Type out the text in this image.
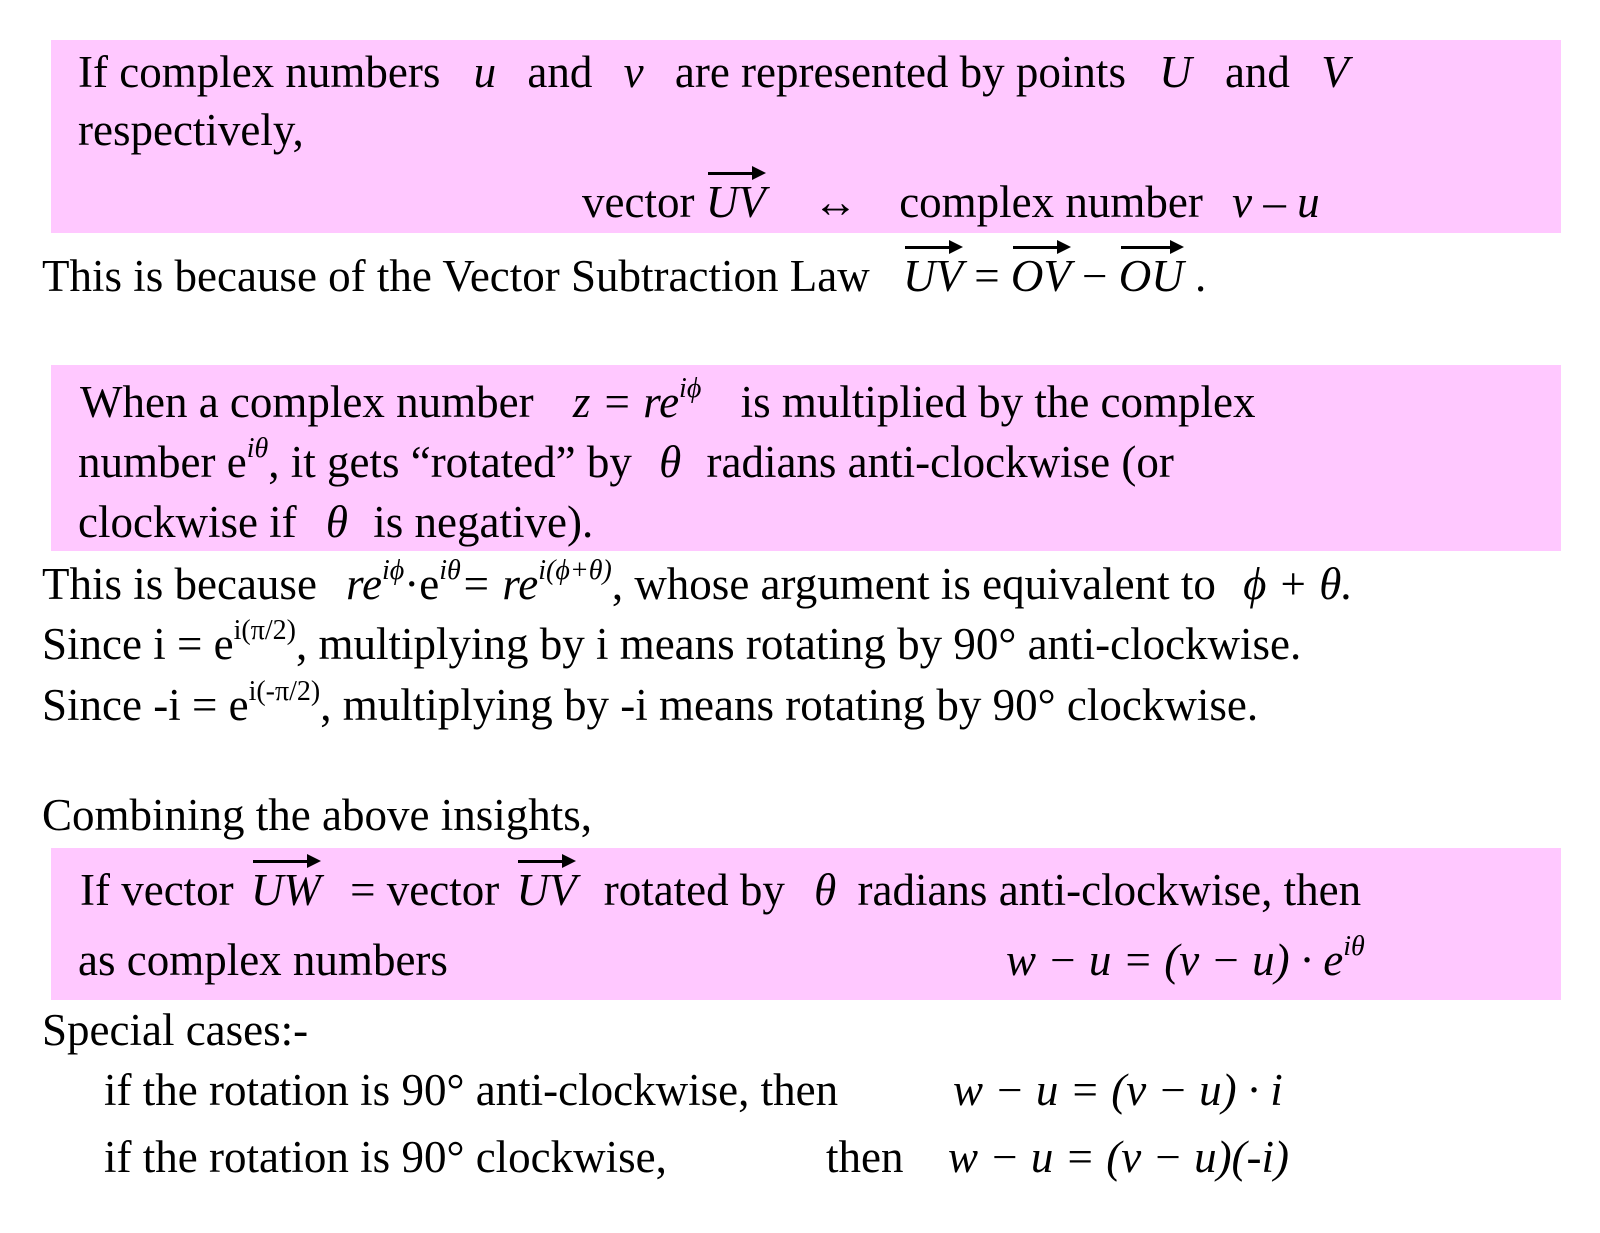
If complex numbers u and v are represented by points U and V
respectively,
vector UV ↔ complex number v – u
This is because of the Vector Subtraction Law UV = OV − OU .
When a complex number $z = re^{i\phi}$ is multiplied by the complex
number $e^{i\theta}$, it gets “rotated” by θ radians anti-clockwise (or
clockwise if θ is negative).
This is because $re^{i\phi}\cdot e^{i\theta}= re^{i(\phi+\theta)}$, whose argument is equivalent to ϕ + θ.
Since $i = e^{i(\pi/2)}$, multiplying by i means rotating by 90° anti-clockwise.
Since $-i = e^{i(-\pi/2)}$, multiplying by -i means rotating by 90° clockwise.
Combining the above insights,
If vector UW = vector UV rotated by θ radians anti-clockwise, then
as complex numbers	$w - u = (v - u) \cdot e^{i\theta}$
Special cases:-
if the rotation is 90° anti-clockwise, then	w − u = (v − u) · i
if the rotation is 90° clockwise,	then w − u = (v − u)(-i)
